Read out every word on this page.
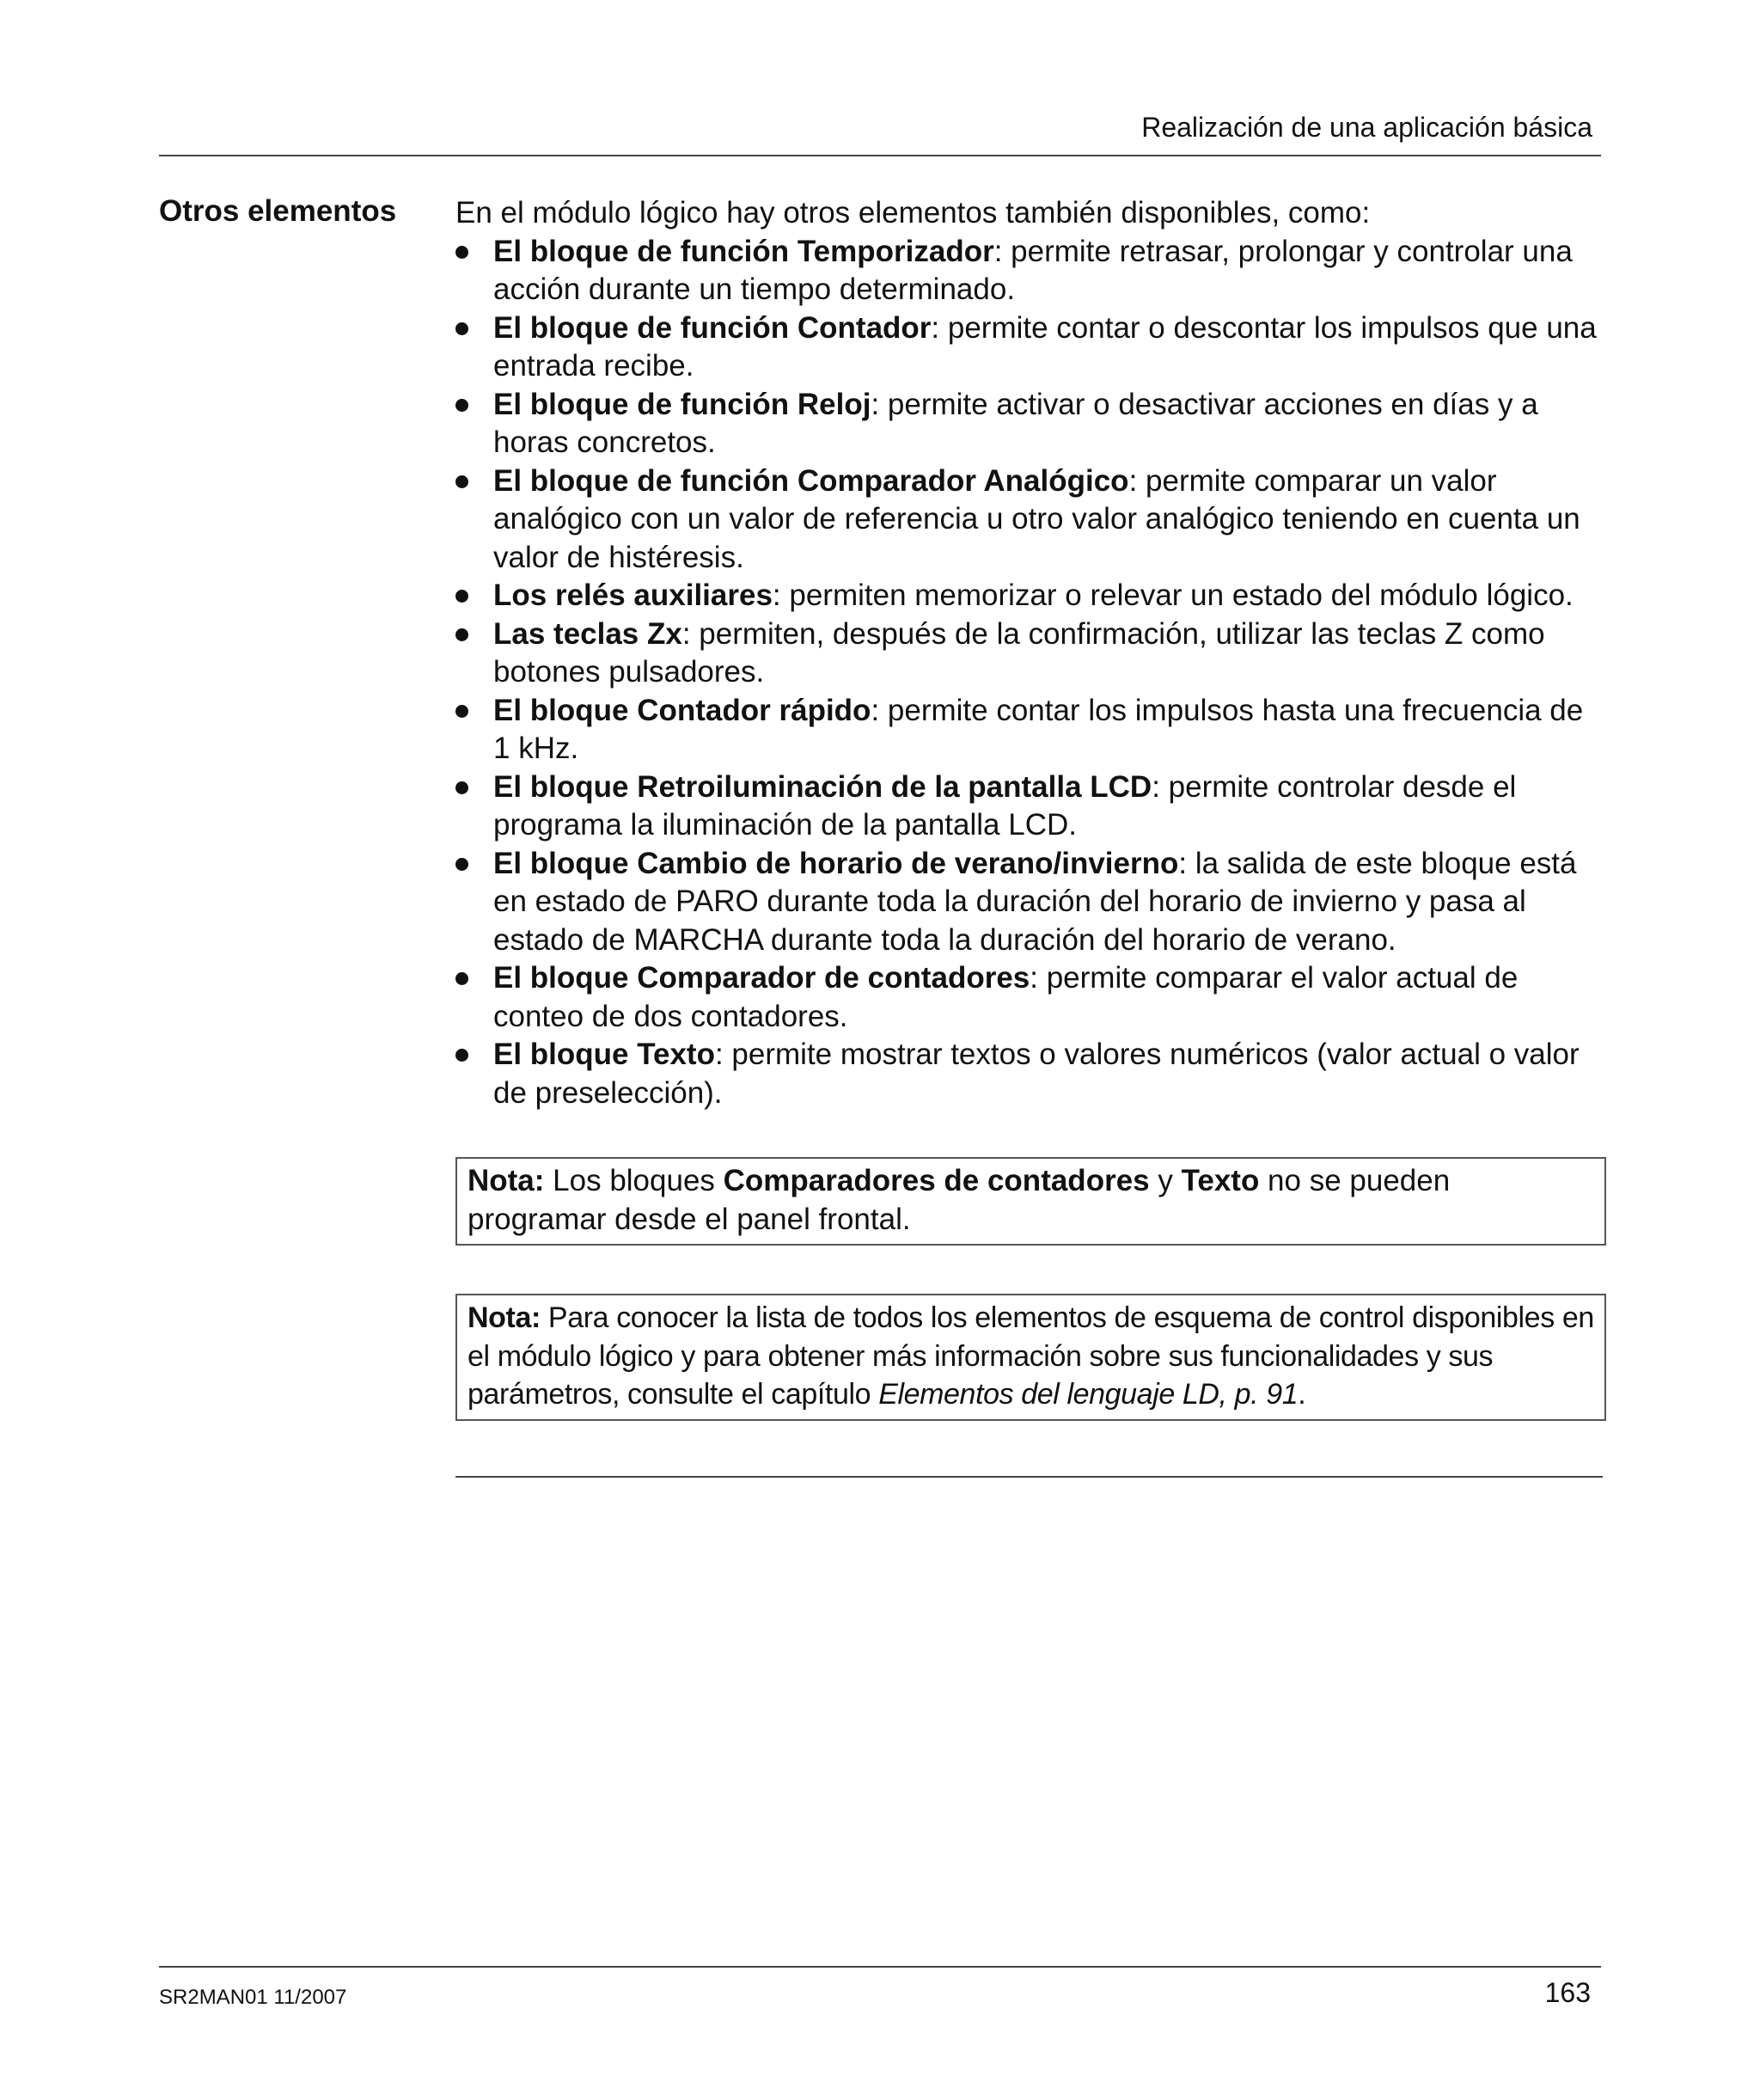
Realización de una aplicación básica
Otros elementos En el módulo lógico hay otros elementos también disponibles, como:

El bloque de función Temporizador: permite retrasar, prolongar y controlar una acción durante un tiempo determinado.
El bloque de función Contador: permite contar o descontar los impulsos que una entrada recibe.
El bloque de función Reloj: permite activar o desactivar acciones en días y a horas concretos.
El bloque de función Comparador Analógico: permite comparar un valor analógico con un valor de referencia u otro valor analógico teniendo en cuenta un valor de histéresis.
Los relés auxiliares: permiten memorizar o relevar un estado del módulo lógico.
Las teclas Zx: permiten, después de la confirmación, utilizar las teclas Z como botones pulsadores.
El bloque Contador rápido: permite contar los impulsos hasta una frecuencia de 1 kHz.
El bloque Retroiluminación de la pantalla LCD: permite controlar desde el programa la iluminación de la pantalla LCD.
El bloque Cambio de horario de verano/invierno: la salida de este bloque está en estado de PARO durante toda la duración del horario de invierno y pasa al estado de MARCHA durante toda la duración del horario de verano.
El bloque Comparador de contadores: permite comparar el valor actual de conteo de dos contadores.
El bloque Texto: permite mostrar textos o valores numéricos (valor actual o valor de preselección).
Nota: Los bloques Comparadores de contadores y Texto no se pueden programar desde el panel frontal.
Nota: Para conocer la lista de todos los elementos de esquema de control disponibles en el módulo lógico y para obtener más información sobre sus funcionalidades y sus parámetros, consulte el capítulo Elementos del lenguaje LD, p. 91.
SR2MAN01 11/2007	163
